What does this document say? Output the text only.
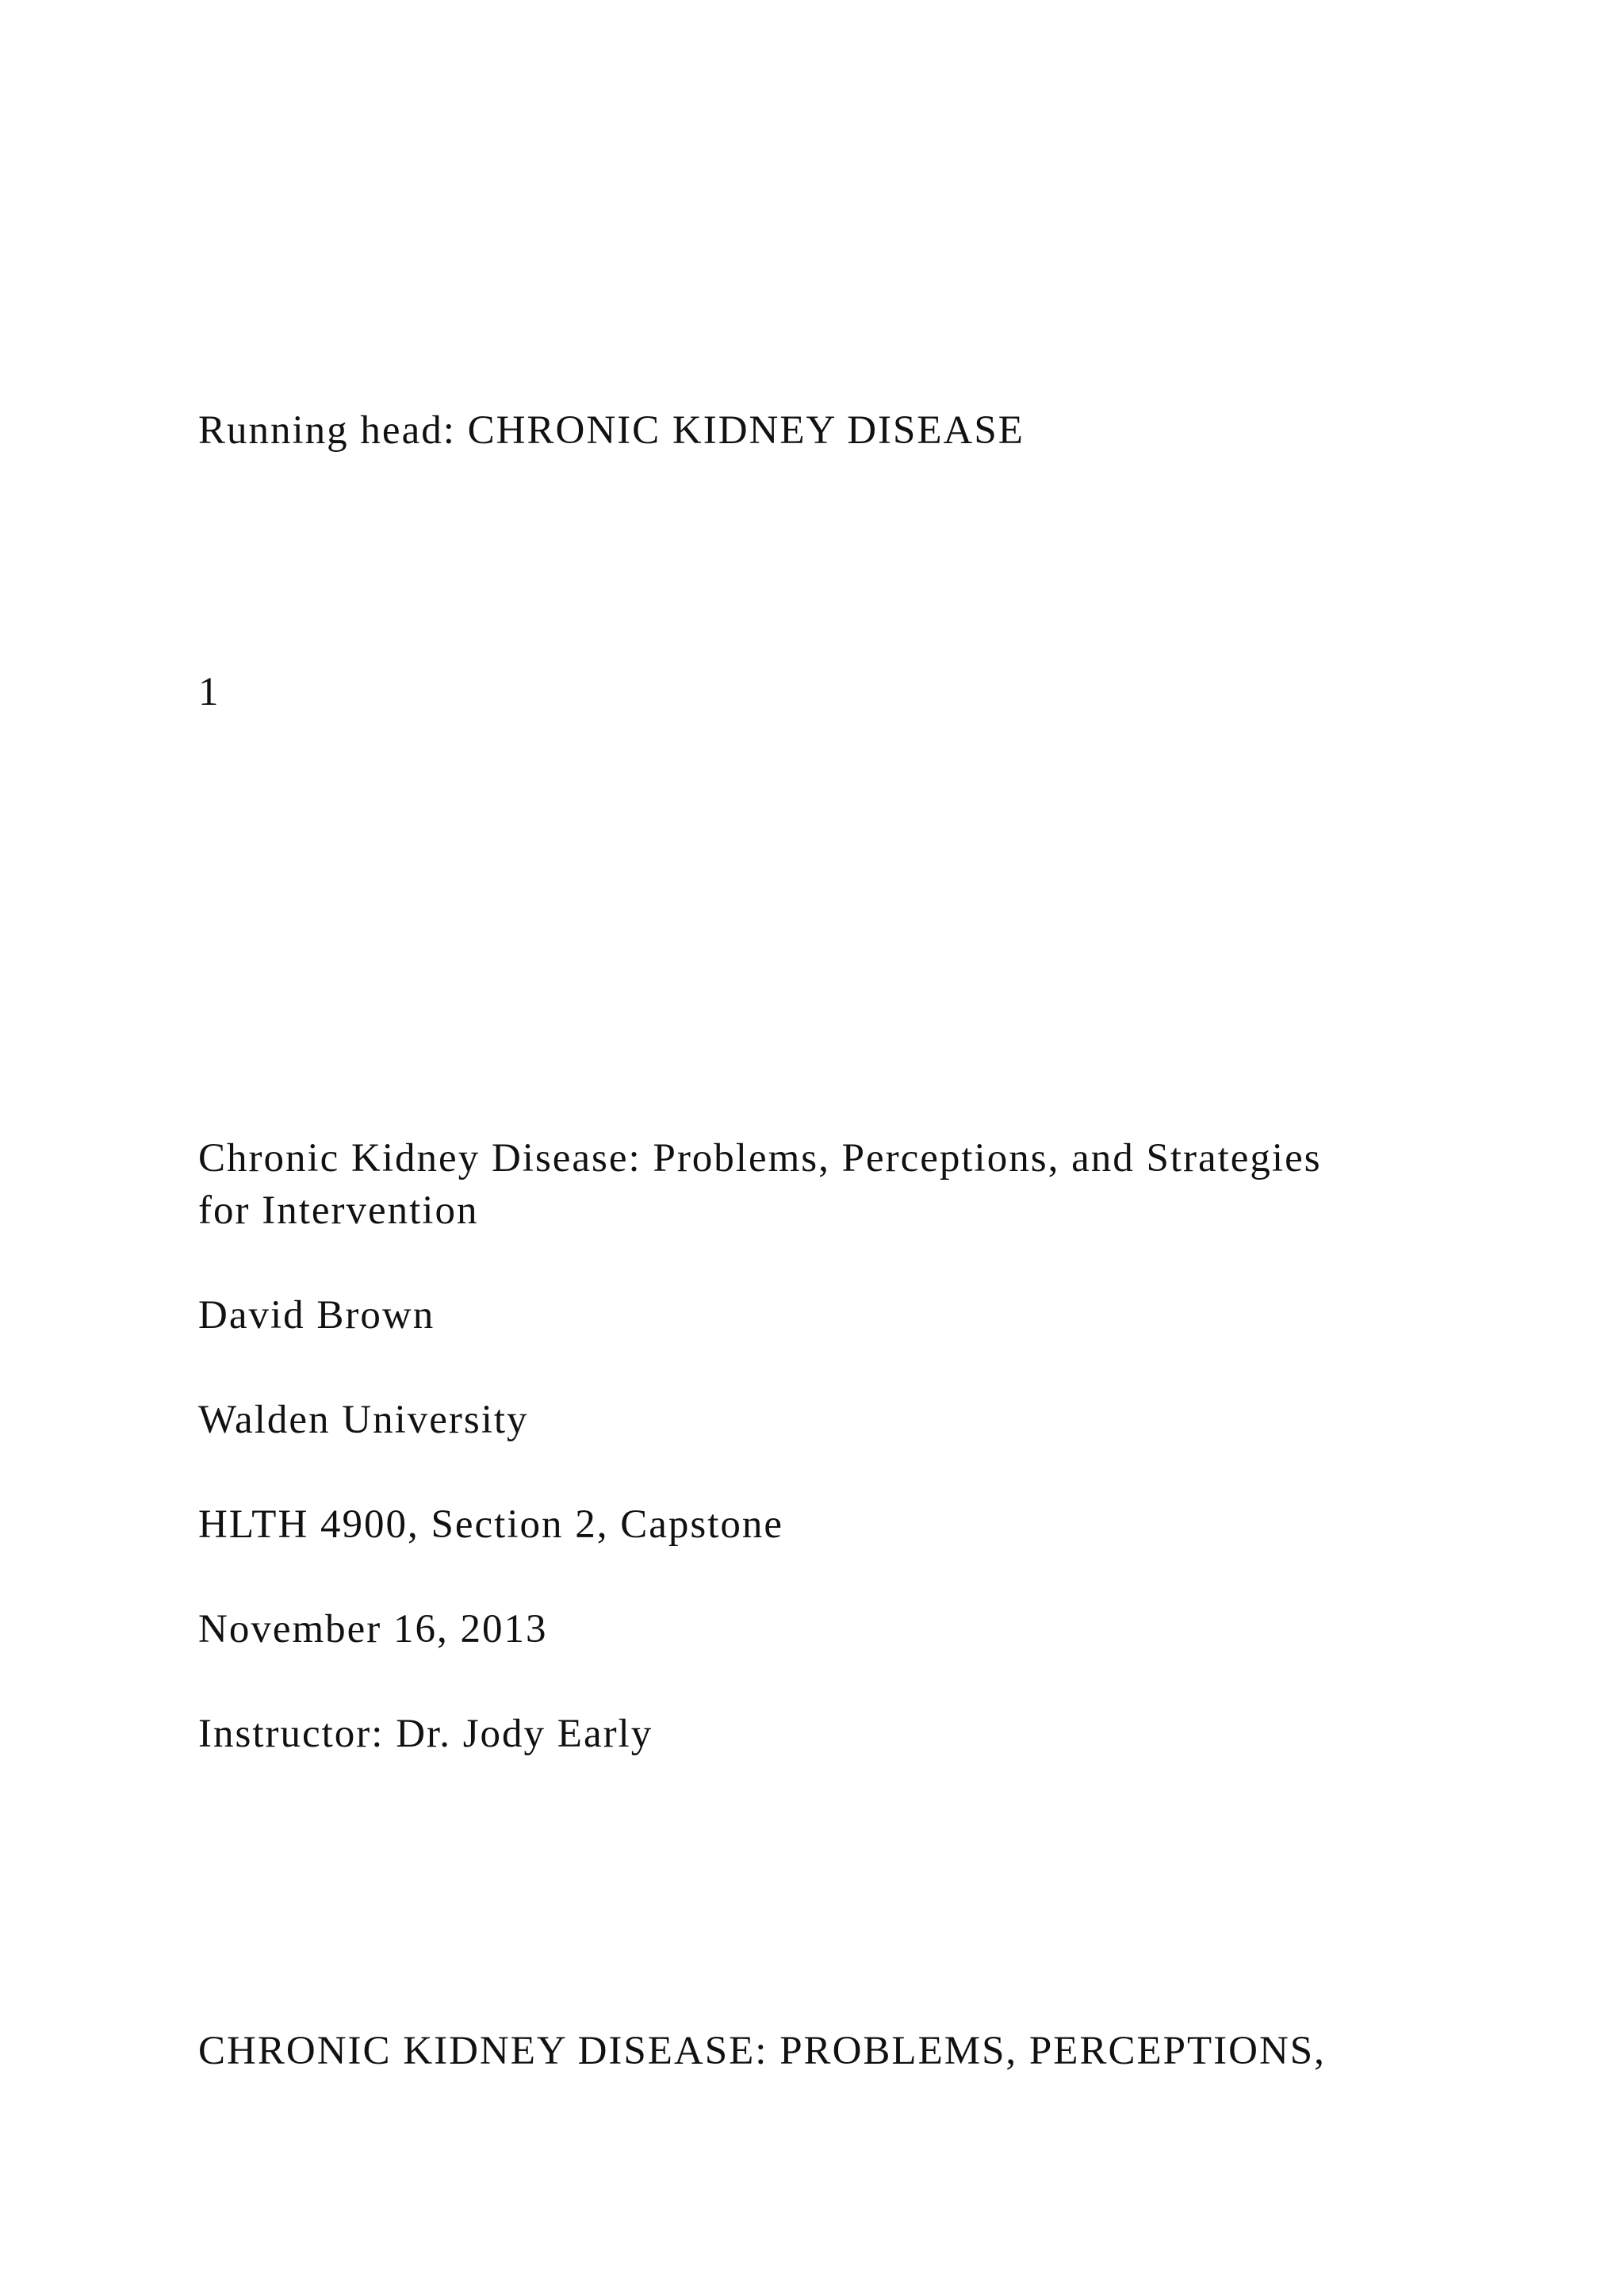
Running head: CHRONIC KIDNEY DISEASE

1

Chronic Kidney Disease: Problems, Perceptions, and Strategies

for Intervention

David Brown

Walden University

HLTH 4900, Section 2, Capstone

November 16, 2013

Instructor: Dr. Jody Early

CHRONIC KIDNEY DISEASE: PROBLEMS, PERCEPTIONS,
